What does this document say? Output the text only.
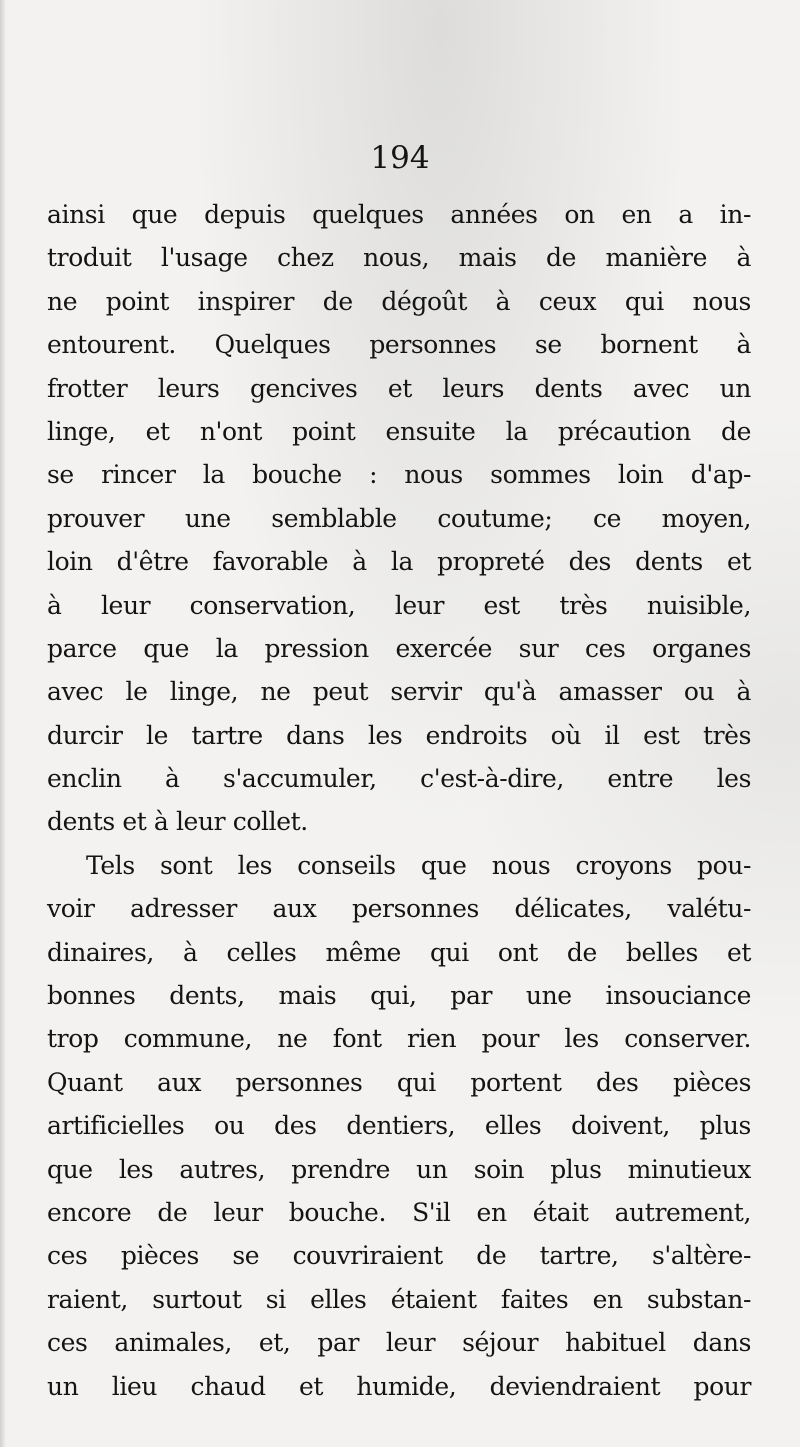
194
ainsi que depuis quelques années on en a in-
troduit l'usage chez nous, mais de manière à
ne point inspirer de dégoût à ceux qui nous
entourent. Quelques personnes se bornent à
frotter leurs gencives et leurs dents avec un
linge, et n'ont point ensuite la précaution de
se rincer la bouche : nous sommes loin d'ap-
prouver une semblable coutume; ce moyen,
loin d'être favorable à la propreté des dents et
à leur conservation, leur est très nuisible,
parce que la pression exercée sur ces organes
avec le linge, ne peut servir qu'à amasser ou à
durcir le tartre dans les endroits où il est très
enclin à s'accumuler, c'est-à-dire, entre les
dents et à leur collet.
Tels sont les conseils que nous croyons pou-
voir adresser aux personnes délicates, valétu-
dinaires, à celles même qui ont de belles et
bonnes dents, mais qui, par une insouciance
trop commune, ne font rien pour les conserver.
Quant aux personnes qui portent des pièces
artificielles ou des dentiers, elles doivent, plus
que les autres, prendre un soin plus minutieux
encore de leur bouche. S'il en était autrement,
ces pièces se couvriraient de tartre, s'altère-
raient, surtout si elles étaient faites en substan-
ces animales, et, par leur séjour habituel dans
un lieu chaud et humide, deviendraient pour
